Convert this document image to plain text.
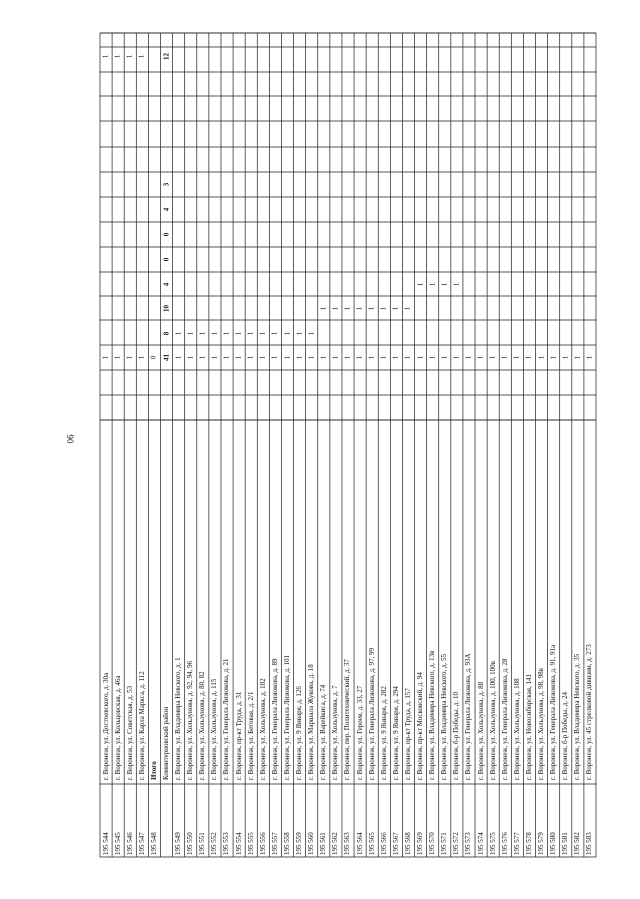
90
195 544
г. Воронеж, ул. Достоевского, д. 30а
1
1
195 545
г. Воронеж, ул. Кольцовская, д. 46а
1
1
195 546
г. Воронеж, ул. Советская, д. 53
1
1
195 547
г. Воронеж, ул. Карла Маркса, д. 112
1
1
195 548
Итого
0
Коминтерновский район
41
8
10
4
0
0
4
3
12
195 549
г. Воронеж, ул. Владимира Невского, д. 1
1
1
195 550
г. Воронеж, ул. Хользунова, д. 92, 94, 96
1
1
195 551
г. Воронеж, ул. Хользунова, д. 80, 82
1
1
195 552
г. Воронеж, ул. Хользунова, д. 115
1
1
195 553
г. Воронеж, ул. Генерала Лизюкова, д. 21
1
1
195 554
г. Воронеж, пр-кт Труда, д. 31
1
1
195 555
г. Воронеж, ул. Беговая, д. 2/1
1
1
195 556
г. Воронеж, ул. Хользунова, д. 102
1
1
195 557
г. Воронеж, ул. Генерала Лизюкова, д. 89
1
1
195 558
г. Воронеж, ул. Генерала Лизюкова, д. 101
1
1
195 559
г. Воронеж, ул. 9 Января, д. 126
1
1
195 560
г. Воронеж, ул. Маршала Жукова, д. 18
1
1
195 561
г. Воронеж, ул. Варейкиса, д. 74
1
1
195 562
г. Воронеж, ул. Хользунова, д. 7
1
1
195 563
г. Воронеж, пер. Политехнический, д. 37
1
1
195 564
г. Воронеж, ул. Героев, д. 33, 27
1
1
195 565
г. Воронеж, ул. Генерала Лизюкова, д. 97, 99
1
1
195 566
г. Воронеж, ул. 9 Января, д. 282
1
1
195 567
г. Воронеж, ул. 9 Января, д. 294
1
1
195 568
г. Воронеж, пр-кт Труда, д. 157
1
1
195 569
г. Воронеж, пр-кт Московский, д. 94
1
1
195 570
г. Воронеж, ул. Владимира Невского, д. 13в
1
1
195 571
г. Воронеж, ул. Владимира Невского, д. 55
1
1
195 572
г. Воронеж, б-р Победы, д. 10
1
1
195 573
г. Воронеж, ул. Генерала Лизюкова, д. 93А
1
195 574
г. Воронеж, ул. Хользунова, д. 88
1
195 575
г. Воронеж, ул. Хользунова, д. 100, 100в
1
195 576
г. Воронеж, ул. Генерала Лизюкова, д. 28
1
195 577
г. Воронеж, ул. Хользунова, д. 108
1
195 578
г. Воронеж, ул. Новосибирская, 141
1
195 579
г. Воронеж, ул. Хользунова, д. 98, 98в
1
195 580
г. Воронеж, ул. Генерала Лизюкова, д. 91, 91а
1
195 581
г. Воронеж, б-р Победы, д. 24
1
195 582
г. Воронеж, ул. Владимира Невского, д. 35
1
195 583
г. Воронеж, ул. 45 стрелковой дивизии, д. 273
1
